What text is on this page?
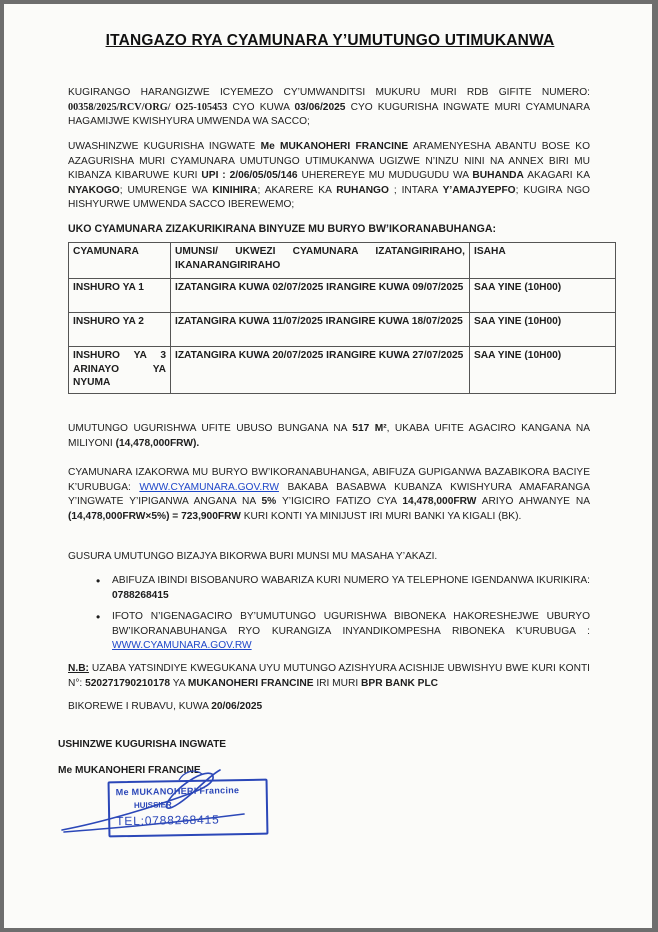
ITANGAZO RYA CYAMUNARA Y’UMUTUNGO UTIMUKANWA
KUGIRANGO HARANGIZWE ICYEMEZO CY’UMWANDITSI MUKURU MURI RDB GIFITE NUMERO: 00358/2025/RCV/ORG/ O25-105453 CYO KUWA 03/06/2025 CYO KUGURISHA INGWATE MURI CYAMUNARA HAGAMIJWE KWISHYURA UMWENDA WA SACCO;
UWASHINZWE KUGURISHA INGWATE Me MUKANOHERI FRANCINE ARAMENYESHA ABANTU BOSE KO AZAGURISHA MURI CYAMUNARA UMUTUNGO UTIMUKANWA UGIZWE N’INZU NINI NA ANNEX BIRI MU KIBANZA KIBARUWE KURI UPI : 2/06/05/05/146 UHEREREYE MU MUDUGUDU WA BUHANDA AKAGARI KA NYAKOGO; UMURENGE WA KINIHIRA; AKARERE KA RUHANGO ; INTARA Y’AMAJYEPFO; KUGIRA NGO HISHYURWE UMWENDA SACCO IBEREWEMO;
UKO CYAMUNARA ZIZAKURIKIRANA BINYUZE MU BURYO BW’IKORANABUHANGA:
CYAMUNARA	UMUNSI/ UKWEZI CYAMUNARA IZATANGIRIRAHO, IKANARANGIRIRAHO	ISAHA
INSHURO YA 1	IZATANGIRA KUWA 02/07/2025 IRANGIRE KUWA 09/07/2025	SAA YINE (10H00)
INSHURO YA 2	IZATANGIRA KUWA 11/07/2025 IRANGIRE KUWA 18/07/2025	SAA YINE (10H00)
INSHURO YA 3 ARINAYO YA NYUMA	IZATANGIRA KUWA 20/07/2025 IRANGIRE KUWA 27/07/2025	SAA YINE (10H00)
UMUTUNGO UGURISHWA UFITE UBUSO BUNGANA NA 517 M², UKABA UFITE AGACIRO KANGANA NA MILIYONI (14,478,000FRW).
CYAMUNARA IZAKORWA MU BURYO BW’IKORANABUHANGA, ABIFUZA GUPIGANWA BAZABIKORA BACIYE K’URUBUGA: WWW.CYAMUNARA.GOV.RW BAKABA BASABWA KUBANZA KWISHYURA AMAFARANGA Y’INGWATE Y’IPIGANWA ANGANA NA 5% Y’IGICIRO FATIZO CYA 14,478,000FRW ARIYO AHWANYE NA (14,478,000FRW×5%) = 723,900FRW KURI KONTI YA MINIJUST IRI MURI BANKI YA KIGALI (BK).
GUSURA UMUTUNGO BIZAJYA BIKORWA BURI MUNSI MU MASAHA Y’AKAZI.
• ABIFUZA IBINDI BISOBANURO WABARIZA KURI NUMERO YA TELEPHONE IGENDANWA IKURIKIRA: 0788268415
• IFOTO N’IGENAGACIRO BY’UMUTUNGO UGURISHWA BIBONEKA HAKORESHEJWE UBURYO BW’IKORANABUHANGA RYO KURANGIZA INYANDIKOMPESHA RIBONEKA K’URUBUGA : WWW.CYAMUNARA.GOV.RW
N.B: UZABA YATSINDIYE KWEGUKANA UYU MUTUNGO AZISHYURA ACISHIJE UBWISHYU BWE KURI KONTI N°: 520271790210178 YA MUKANOHERI FRANCINE IRI MURI BPR BANK PLC
BIKOREWE I RUBAVU, KUWA 20/06/2025
USHINZWE KUGURISHA INGWATE
Me MUKANOHERI FRANCINE
Me MUKANOHERI Francine
HUISSIER
TEL:0788268415
